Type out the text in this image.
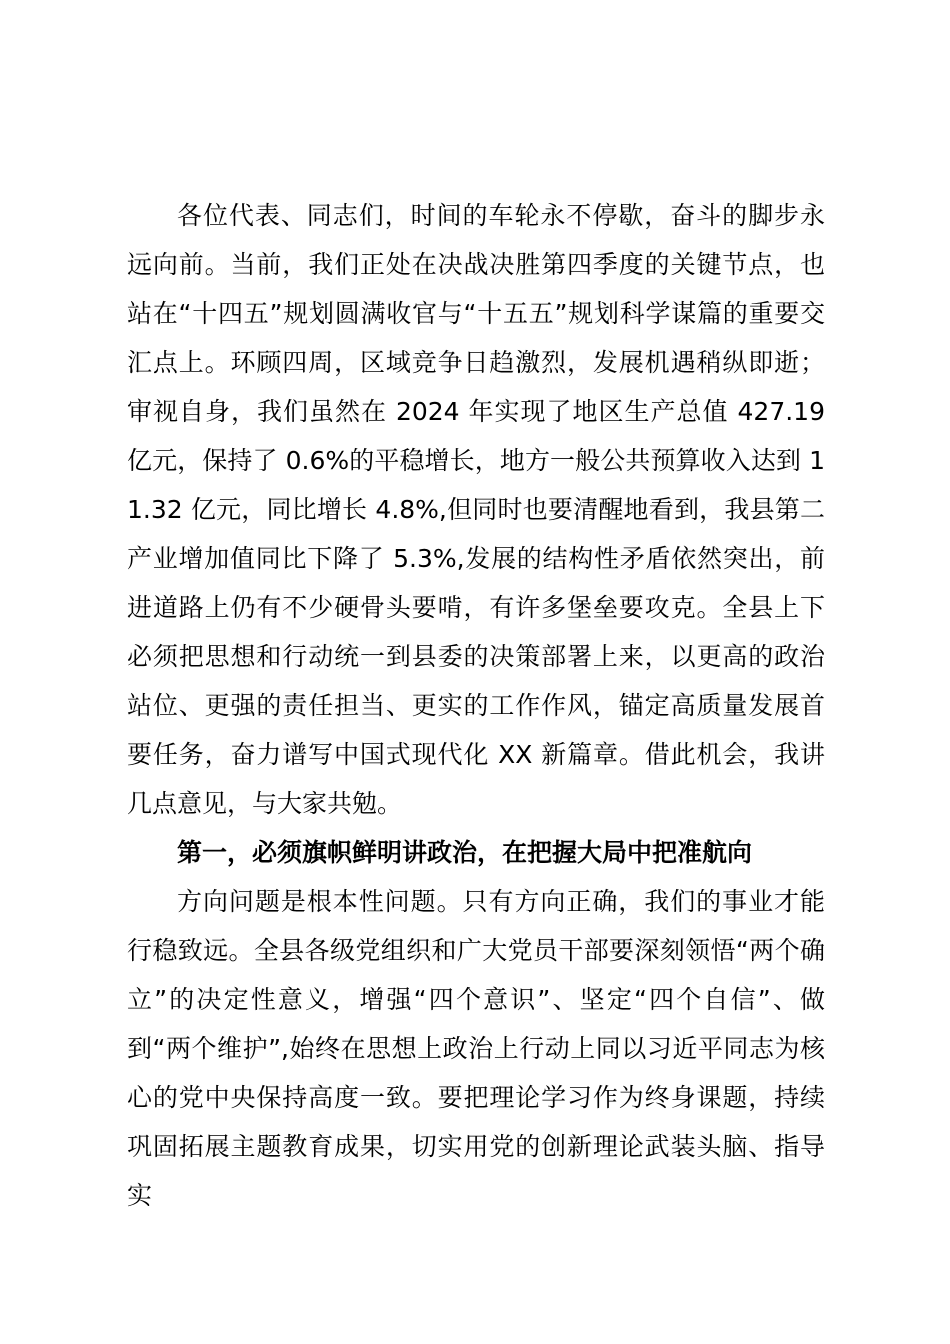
各位代表、同志们，时间的车轮永不停歇，奋斗的脚步永远向前。当前，我们正处在决战决胜第四季度的关键节点，也站在“十四五”规划圆满收官与“十五五”规划科学谋篇的重要交汇点上。环顾四周，区域竞争日趋激烈，发展机遇稍纵即逝；审视自身，我们虽然在 2024 年实现了地区生产总值 427.19 亿元，保持了 0.6%的平稳增长，地方一般公共预算收入达到 11.32 亿元，同比增长 4.8%,但同时也要清醒地看到，我县第二产业增加值同比下降了 5.3%,发展的结构性矛盾依然突出，前进道路上仍有不少硬骨头要啃，有许多堡垒要攻克。全县上下必须把思想和行动统一到县委的决策部署上来，以更高的政治站位、更强的责任担当、更实的工作作风，锚定高质量发展首要任务，奋力谱写中国式现代化 XX 新篇章。借此机会，我讲几点意见，与大家共勉。

第一，必须旗帜鲜明讲政治，在把握大局中把准航向

方向问题是根本性问题。只有方向正确，我们的事业才能行稳致远。全县各级党组织和广大党员干部要深刻领悟“两个确立”的决定性意义，增强“四个意识”、坚定“四个自信”、做到“两个维护”,始终在思想上政治上行动上同以习近平同志为核心的党中央保持高度一致。要把理论学习作为终身课题，持续巩固拓展主题教育成果，切实用党的创新理论武装头脑、指导实
